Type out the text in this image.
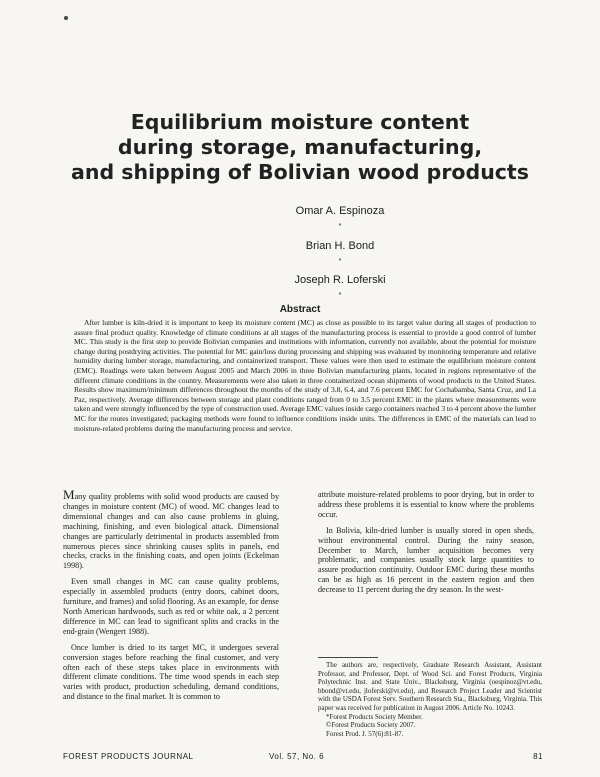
Equilibrium moisture content
during storage, manufacturing,
and shipping of Bolivian wood products
Omar A. Espinoza
*
Brian H. Bond
*
Joseph R. Loferski
*
Abstract

After lumber is kiln-dried it is important to keep its moisture content (MC) as close as possible to its target value during all stages of production to assure final product quality. Knowledge of climate conditions at all stages of the manufacturing process is essential to provide a good control of lumber MC. This study is the first step to provide Bolivian companies and institutions with information, currently not available, about the potential for moisture change during postdrying activities. The potential for MC gain/loss during processing and shipping was evaluated by monitoring temperature and relative humidity during lumber storage, manufacturing, and containerized transport. These values were then used to estimate the equilibrium moisture content (EMC). Readings were taken between August 2005 and March 2006 in three Bolivian manufacturing plants, located in regions representative of the different climate conditions in the country. Measurements were also taken in three containerized ocean shipments of wood products to the United States. Results show maximum/minimum differences throughout the months of the study of 3.8, 6.4, and 7.6 percent EMC for Cochabamba, Santa Cruz, and La Paz, respectively. Average differences between storage and plant conditions ranged from 0 to 3.5 percent EMC in the plants where measurements were taken and were strongly influenced by the type of construction used. Average EMC values inside cargo containers reached 3 to 4 percent above the lumber MC for the routes investigated; packaging methods were found to influence conditions inside units. The differences in EMC of the materials can lead to moisture-related problems during the manufacturing process and service.

Many quality problems with solid wood products are caused by changes in moisture content (MC) of wood. MC changes lead to dimensional changes and can also cause problems in gluing, machining, finishing, and even biological attack. Dimensional changes are particularly detrimental in products assembled from numerous pieces since shrinking causes splits in panels, end checks, cracks in the finishing coats, and open joints (Eckelman 1998).

Even small changes in MC can cause quality problems, especially in assembled products (entry doors, cabinet doors, furniture, and frames) and solid flooring. As an example, for dense North American hardwoods, such as red or white oak, a 2 percent difference in MC can lead to significant splits and cracks in the end-grain (Wengert 1988).

Once lumber is dried to its target MC, it undergoes several conversion stages before reaching the final customer, and very often each of these steps takes place in environments with different climate conditions. The time wood spends in each step varies with product, production scheduling, demand conditions, and distance to the final market. It is common to

attribute moisture-related problems to poor drying, but in order to address these problems it is essential to know where the problems occur.

In Bolivia, kiln-dried lumber is usually stored in open sheds, without environmental control. During the rainy season, December to March, lumber acquisition becomes very problematic, and companies usually stock large quantities to assure production continuity. Outdoor EMC during these months can be as high as 16 percent in the eastern region and then decrease to 11 percent during the dry season. In the west-

The authors are, respectively, Graduate Research Assistant, Assistant Professor, and Professor, Dept. of Wood Sci. and Forest Products, Virginia Polytechnic Inst. and State Univ., Blacksburg, Virginia (oespinoz@vt.edu, bbond@vt.edu, jloferski@vt.edu), and Research Project Leader and Scientist with the USDA Forest Serv. Southern Research Sta., Blacksburg, Virginia. This paper was received for publication in August 2006. Article No. 10243.

*Forest Products Society Member.

©Forest Products Society 2007.

Forest Prod. J. 57(6):81-87.

FOREST PRODUCTS JOURNAL	Vol. 57, No. 6	81
